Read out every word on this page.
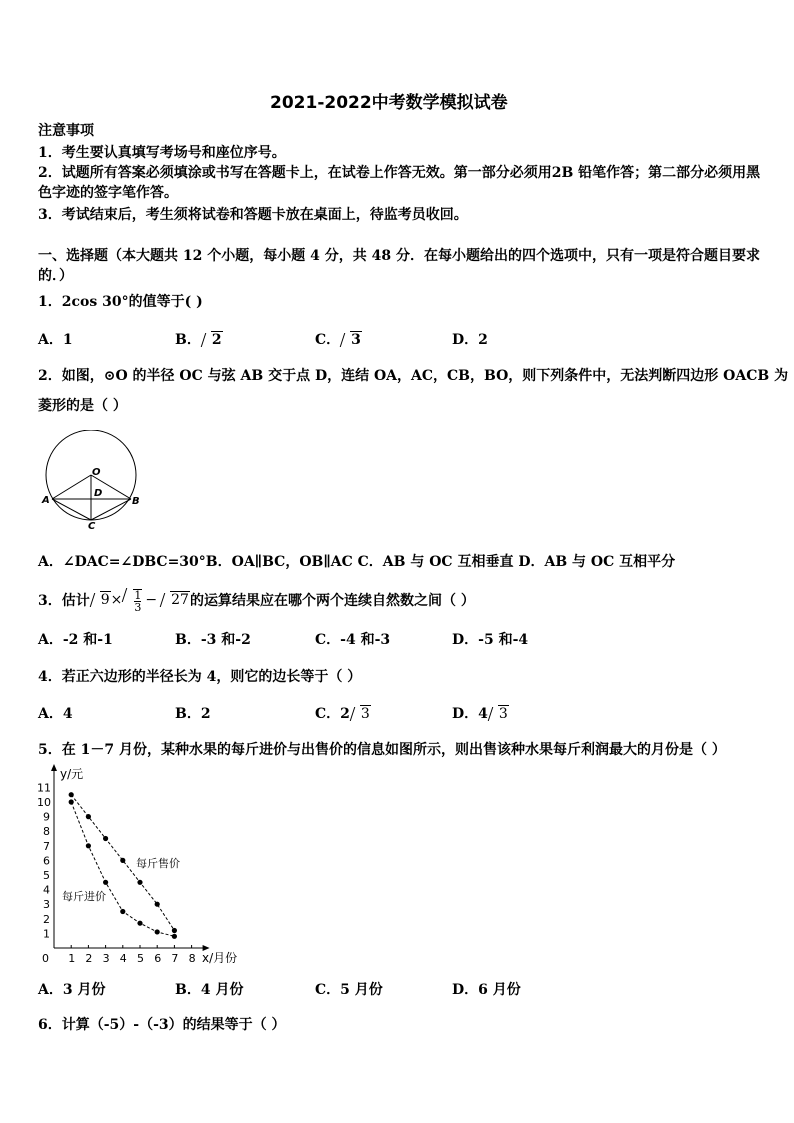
2021-2022中考数学模拟试卷
注意事项
1．考生要认真填写考场号和座位序号。
2．试题所有答案必须填涂或书写在答题卡上，在试卷上作答无效。第一部分必须用2B 铅笔作答；第二部分必须用黑
色字迹的签字笔作答。
3．考试结束后，考生须将试卷和答题卡放在桌面上，待监考员收回。
一、选择题（本大题共 12 个小题，每小题 4 分，共 48 分．在每小题给出的四个选项中，只有一项是符合题目要求
的．）
1．2cos 30°的值等于( )
A．1	B． 2	C． 3	D．2
2．如图，⊙O 的半径 OC 与弦 AB 交于点 D，连结 OA，AC，CB，BO，则下列条件中，无法判断四边形 OACB 为
菱形的是（ ）
O
D
A	B
C
A．∠DAC=∠DBC=30°B．OA∥BC，OB∥AC C．AB 与 OC 互相垂直 D．AB 与 OC 互相平分
3．估计 $9 \times \frac{1}{3}$ −	27 的运算结果应在哪个两个连续自然数之间（ ）
A．-2 和-1	B．-3 和-2	C．-4 和-3	D．-5 和-4
4．若正六边形的半径长为 4，则它的边长等于（ ）
A．4	B．2	C．2 3	D．4 3
5．在 1－7 月份，某种水果的每斤进价与出售价的信息如图所示，则出售该种水果每斤利润最大的月份是（ ）
0 1 2 3 4 5 6 7 8
1
2
3
4
5
6
7
8
9
10
11
y/元
x/月份
每斤售价
每斤进价
A．3 月份	B．4 月份	C．5 月份	D．6 月份
6．计算（-5）-（-3）的结果等于（ ）
